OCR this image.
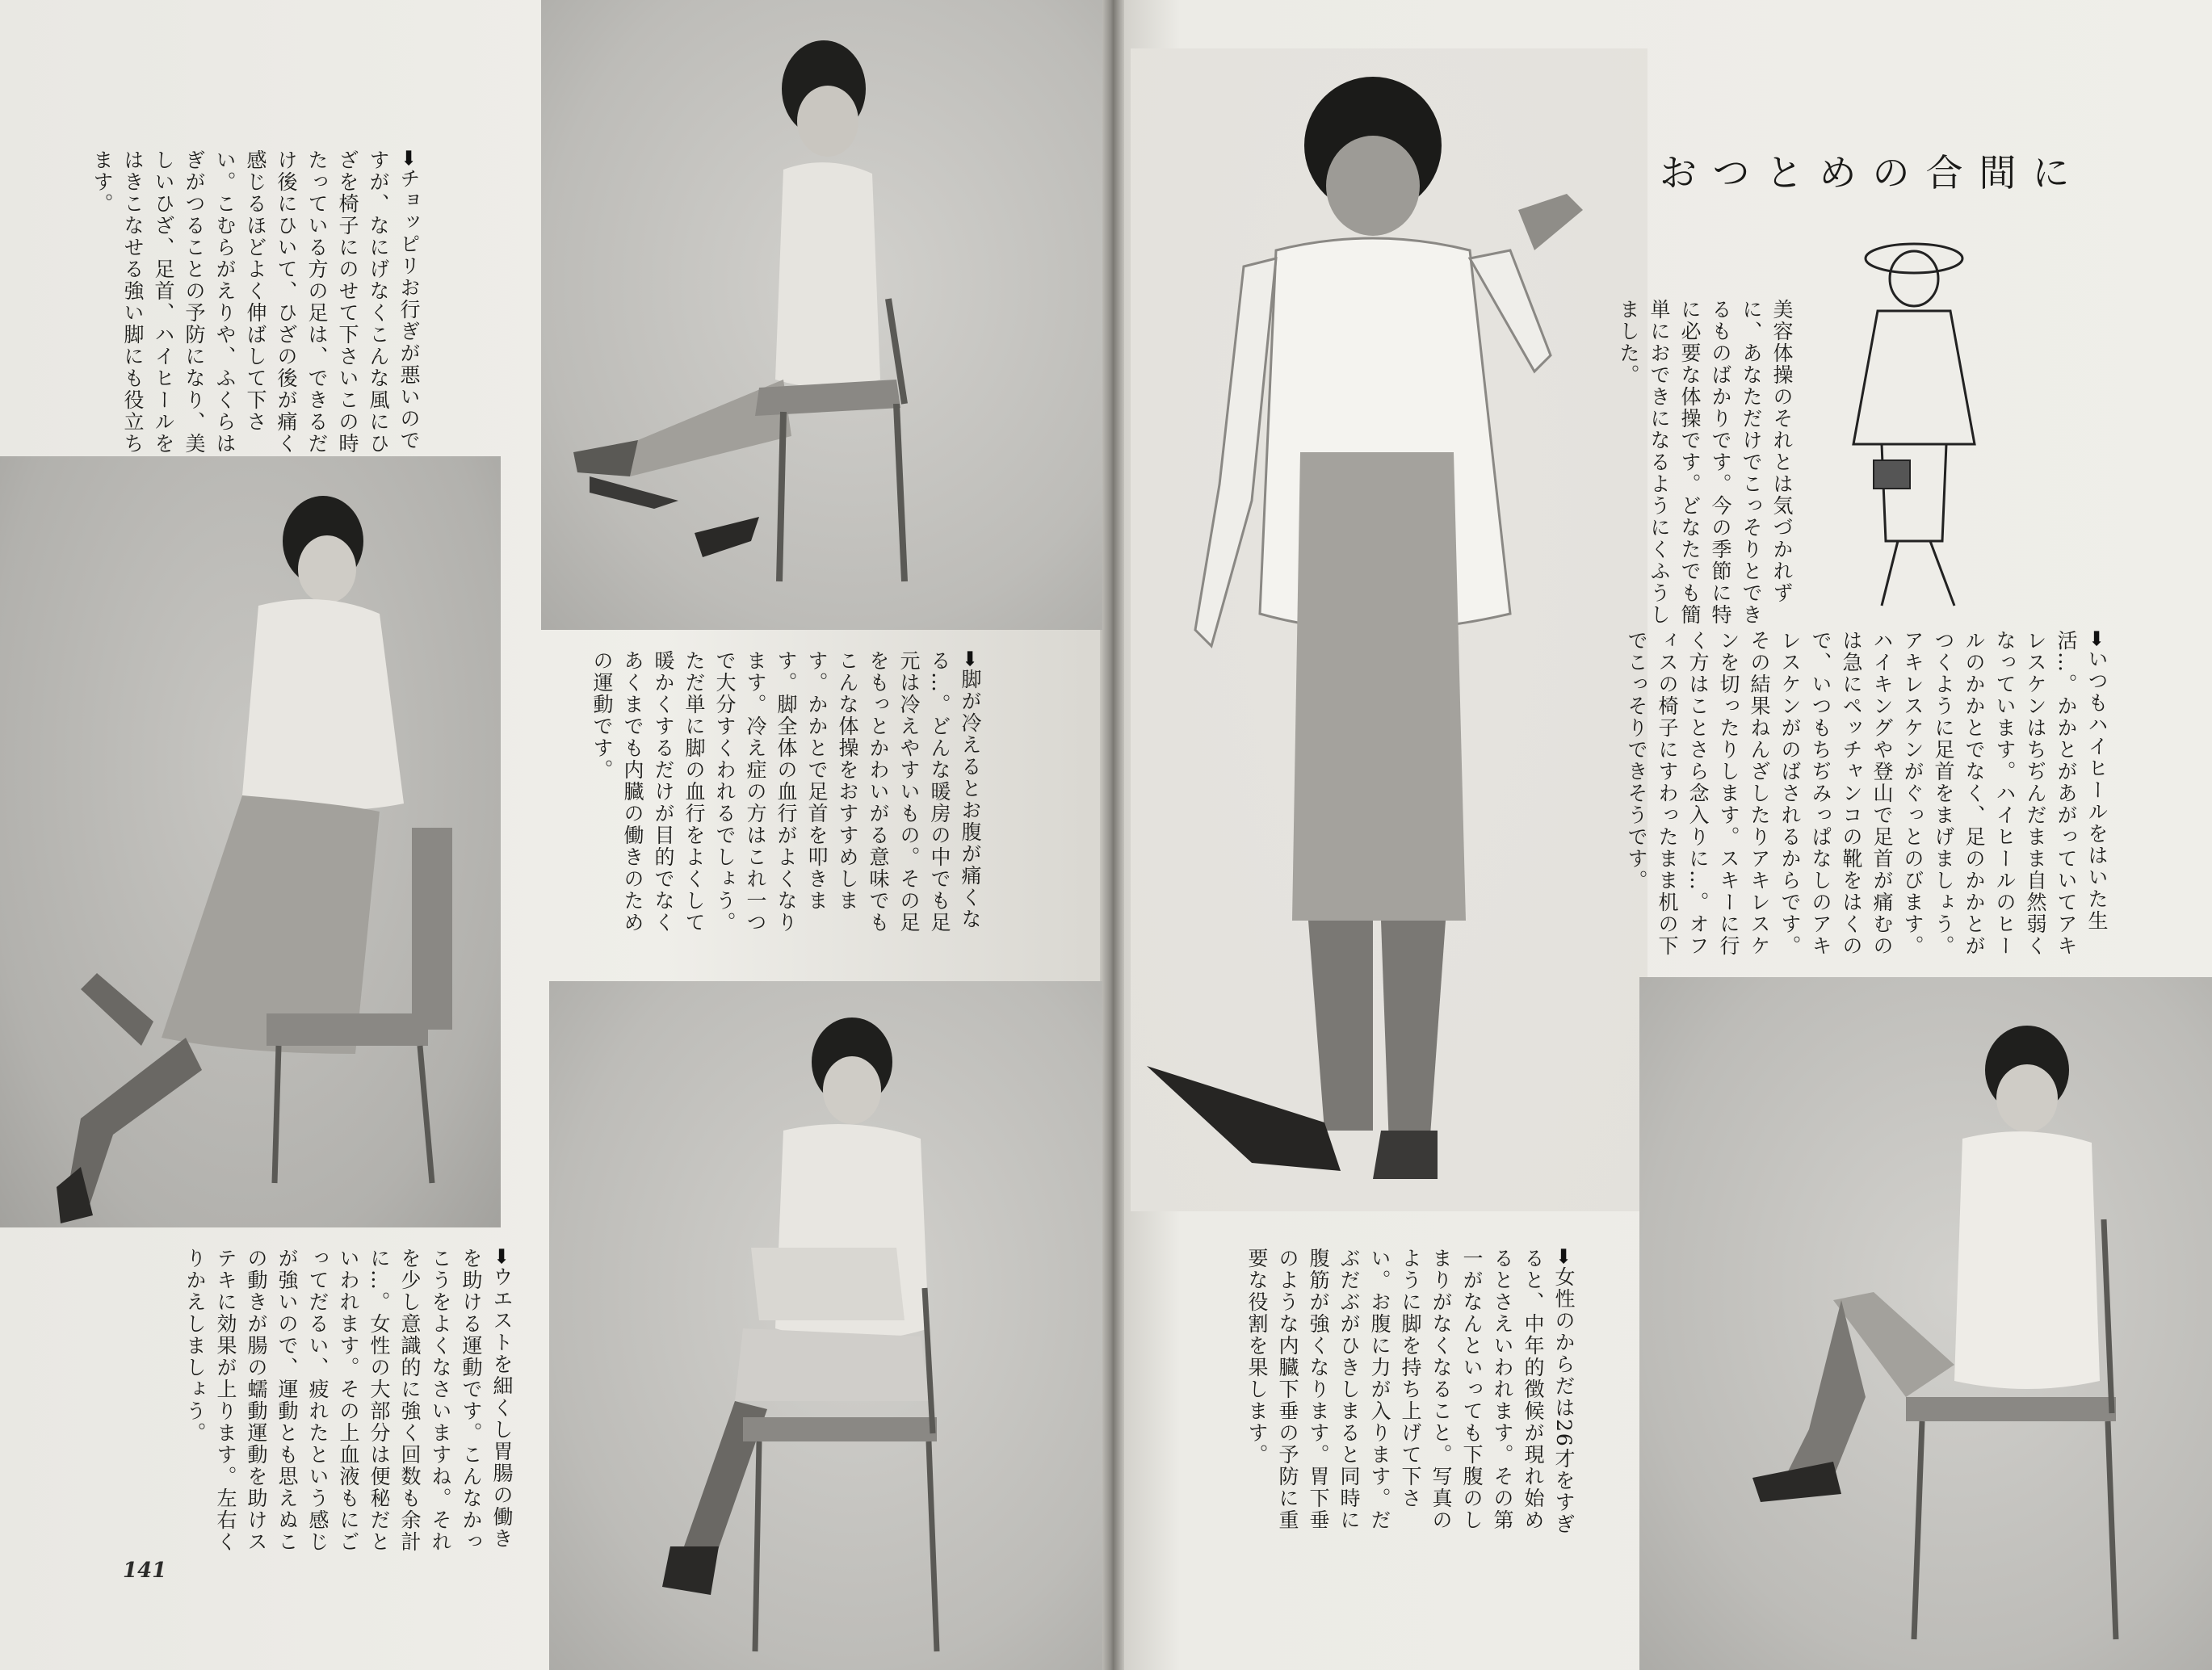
➡チョッピリお行ぎが悪いのですが、なにげなくこんな風にひざを椅子にのせて下さいこの時たっている方の足は、できるだけ後にひいて、ひざの後が痛く感じるほどよく伸ばして下さい。こむらがえりや、ふくらはぎがつることの予防になり、美しいひざ、足首、ハイヒールをはきこなせる強い脚にも役立ちます。
➡脚が冷えるとお腹が痛くなる…。どんな暖房の中でも足元は冷えやすいもの。その足をもっとかわいがる意味でもこんな体操をおすすめします。かかとで足首を叩きます。脚全体の血行がよくなります。冷え症の方はこれ一つで大分すくわれるでしょう。ただ単に脚の血行をよくして暖かくするだけが目的でなくあくまでも内臓の働きのための運動です。
➡ウエストを細くし胃腸の働きを助ける運動です。こんなかっこうをよくなさいますね。それを少し意識的に強く回数も余計に…。女性の大部分は便秘だといわれます。その上血液もにごってだるい、疲れたという感じが強いので、運動とも思えぬこの動きが腸の蠕動運動を助けステキに効果が上ります。左右くりかえしましょう。
141
おつとめの合間に
美容体操のそれとは気づかれずに、あなただけでこっそりとできるものばかりです。今の季節に特に必要な体操です。どなたでも簡単におできになるようにくふうしました。
➡いつもハイヒールをはいた生活…。かかとがあがっていてアキレスケンはちぢんだまま自然弱くなっています。ハイヒールのヒールのかかとでなく、足のかかとがつくように足首をまげましょう。アキレスケンがぐっとのびます。ハイキングや登山で足首が痛むのは急にペッチャンコの靴をはくので、いつもちぢみっぱなしのアキレスケンがのばされるからです。その結果ねんざしたりアキレスケンを切ったりします。スキーに行く方はことさら念入りに…。オフィスの椅子にすわったまま机の下でこっそりできそうです。
➡女性のからだは26才をすぎると、中年的徴候が現れ始めるとさえいわれます。その第一がなんといっても下腹のしまりがなくなること。写真のように脚を持ち上げて下さい。お腹に力が入ります。だぶだぶがひきしまると同時に腹筋が強くなります。胃下垂のような内臓下垂の予防に重要な役割を果します。
